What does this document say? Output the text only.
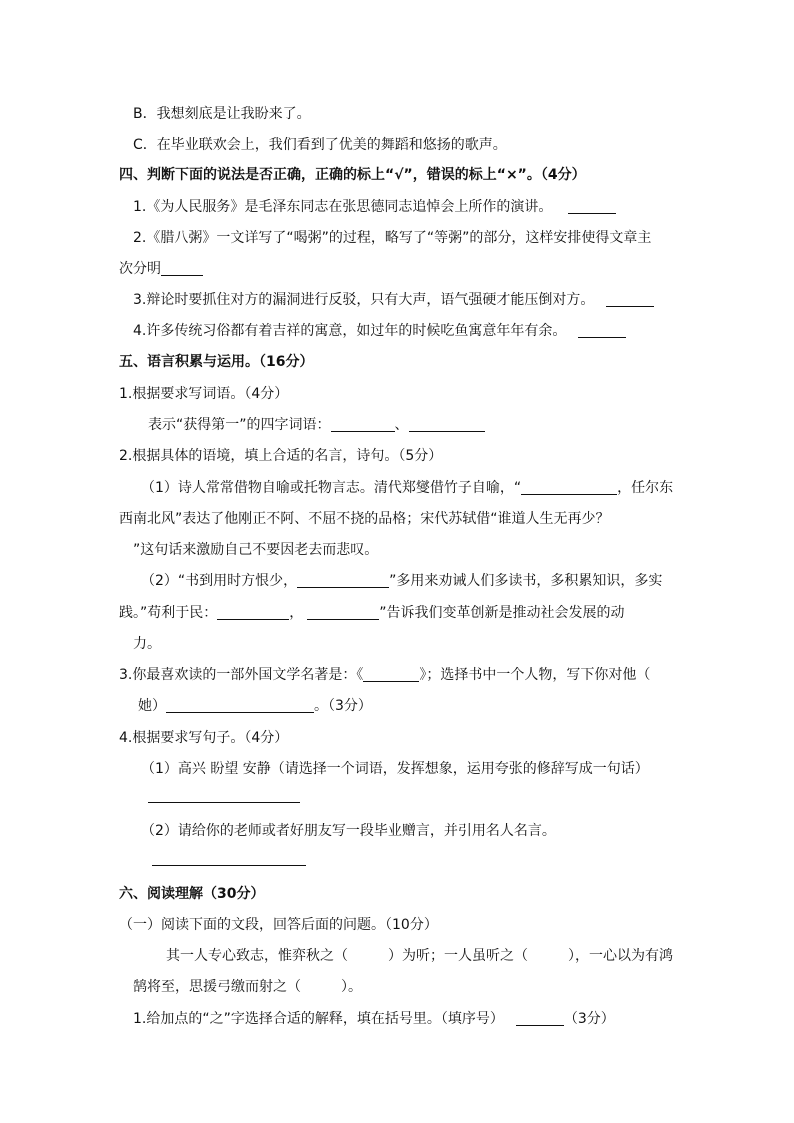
B．我想刻底是让我盼来了。
C．在毕业联欢会上，我们看到了优美的舞蹈和悠扬的歌声。
四、判断下面的说法是否正确，正确的标上“√”，错误的标上“×”。（4分）
1.《为人民服务》是毛泽东同志在张思德同志追悼会上所作的演讲。
2.《腊八粥》一文详写了“喝粥”的过程，略写了“等粥”的部分，这样安排使得文章主
次分明
3.辩论时要抓住对方的漏洞进行反驳，只有大声，语气强硬才能压倒对方。
4.许多传统习俗都有着吉祥的寓意，如过年的时候吃鱼寓意年年有余。
五、语言积累与运用。（16分）
1.根据要求写词语。（4分）
表示“获得第一”的四字词语：	、
2.根据具体的语境，填上合适的名言，诗句。（5分）
（1）诗人常常借物自喻或托物言志。清代郑燮借竹子自喻，“	，任尔东
西南北风”表达了他刚正不阿、不屈不挠的品格；宋代苏轼借“谁道人生无再少？
”这句话来激励自己不要因老去而悲叹。
（2）“书到用时方恨少，	”多用来劝诫人们多读书，多积累知识，多实
践。”苟利于民：	，	”告诉我们变革创新是推动社会发展的动
力。
3.你最喜欢读的一部外国文学名著是：《	》；选择书中一个人物，写下你对他（
她）	。（3分）
4.根据要求写句子。（4分）
（1）高兴 盼望 安静（请选择一个词语，发挥想象，运用夸张的修辞写成一句话）
（2）请给你的老师或者好朋友写一段毕业赠言，并引用名人名言。
六、阅读理解（30分）
（一）阅读下面的文段，回答后面的问题。（10分）
其一人专心致志，惟弈秋之（	）为听；一人虽听之（	），一心以为有鸿
鹄将至，思援弓缴而射之（	）。
1.给加点的“之”字选择合适的解释，填在括号里。（填序号）	（3分）
